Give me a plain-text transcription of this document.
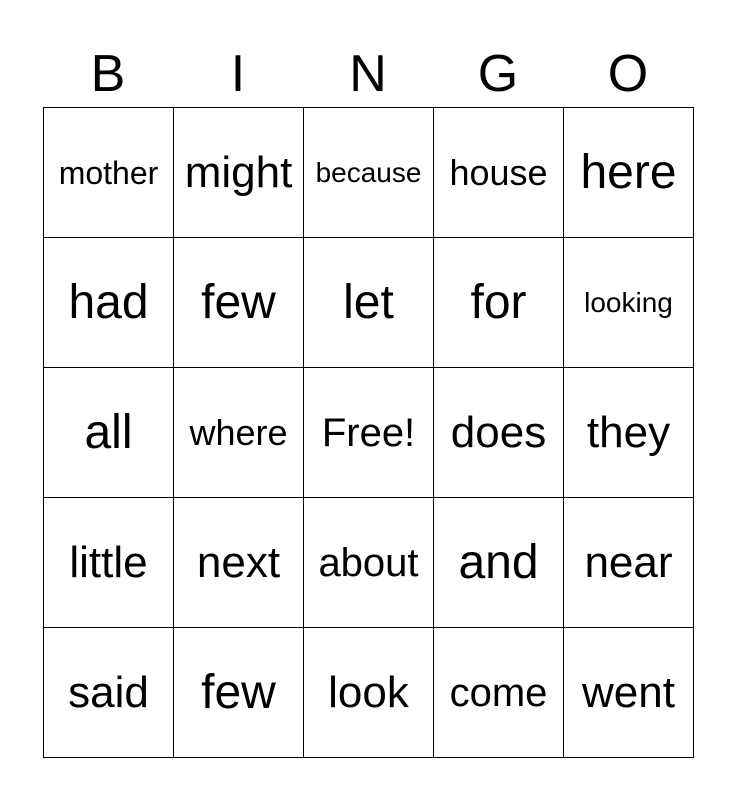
B	I	N	G	O
mother might because house here
had few let for looking
all where Free! does they
little next about and near
said few look come went
